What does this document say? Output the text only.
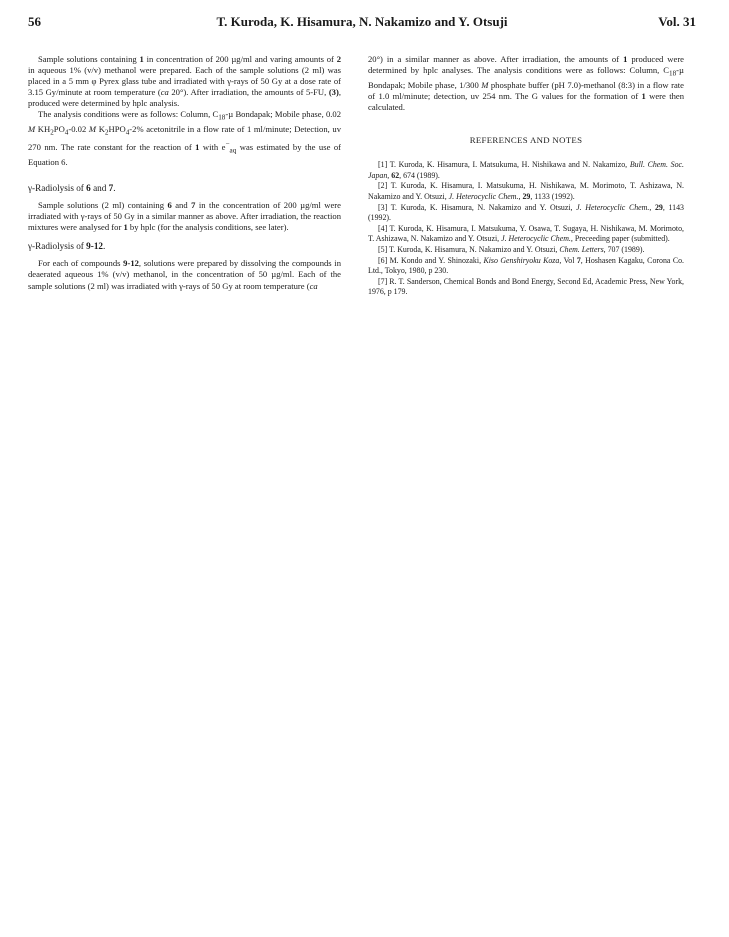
56	T. Kuroda, K. Hisamura, N. Nakamizo and Y. Otsuji	Vol. 31

Sample solutions containing 1 in concentration of 200 µg/ml and varing amounts of 2 in aqueous 1% (v/v) methanol were prepared. Each of the sample solutions (2 ml) was placed in a 5 mm φ Pyrex glass tube and irradiated with γ-rays of 50 Gy at a dose rate of 3.15 Gy/minute at room temperature (ca 20°). After irradiation, the amounts of 5-FU, (3), produced were determined by hplc analysis.

The analysis conditions were as follows: Column, $C_{18}-\mu$ Bondapak; Mobile phase, 0.02 M $KH_2PO_4-0.02$ M $K_2HPO_4-2\%$ acetonitrile in a flow rate of 1 ml/minute; Detection, uv 270 nm. The rate constant for the reaction of 1 with $e^-_{aq}$ was estimated by the use of Equation 6.

γ-Radiolysis of 6 and 7.

Sample solutions (2 ml) containing 6 and 7 in the concentration of 200 µg/ml were irradiated with γ-rays of 50 Gy in a similar manner as above. After irradiation, the reaction mixtures were analysed for 1 by hplc (for the analysis conditions, see later).

γ-Radiolysis of 9-12.

For each of compounds 9-12, solutions were prepared by dissolving the compounds in deaerated aqueous 1% (v/v) methanol, in the concentration of 50 µg/ml. Each of the sample solutions (2 ml) was irradiated with γ-rays of 50 Gy at room temperature (ca

20°) in a similar manner as above. After irradiation, the amounts of 1 produced were determined by hplc analyses. The analysis conditions were as follows: Column, $C_{18}-\mu$ Bondapak; Mobile phase, 1/300 M phosphate buffer (pH 7.0)-methanol (8:3) in a flow rate of 1.0 ml/minute; detection, uv 254 nm. The G values for the formation of 1 were then calculated.

REFERENCES AND NOTES

[1] T. Kuroda, K. Hisamura, I. Matsukuma, H. Nishikawa and N. Nakamizo, Bull. Chem. Soc. Japan, 62, 674 (1989).

[2] T. Kuroda, K. Hisamura, I. Matsukuma, H. Nishikawa, M. Morimoto, T. Ashizawa, N. Nakamizo and Y. Otsuzi, J. Heterocyclic Chem., 29, 1133 (1992).

[3] T. Kuroda, K. Hisamura, N. Nakamizo and Y. Otsuzi, J. Heterocyclic Chem., 29, 1143 (1992).

[4] T. Kuroda, K. Hisamura, I. Matsukuma, Y. Osawa, T. Sugaya, H. Nishikawa, M. Morimoto, T. Ashizawa, N. Nakamizo and Y. Otsuzi, J. Heterocyclic Chem., Preceeding paper (submitted).

[5] T. Kuroda, K. Hisamura, N. Nakamizo and Y. Otsuzi, Chem. Letters, 707 (1989).

[6] M. Kondo and Y. Shinozaki, Kiso Genshiryoku Koza, Vol 7, Hoshasen Kagaku, Corona Co. Ltd., Tokyo, 1980, p 230.

[7] R. T. Sanderson, Chemical Bonds and Bond Energy, Second Ed, Academic Press, New York, 1976, p 179.
